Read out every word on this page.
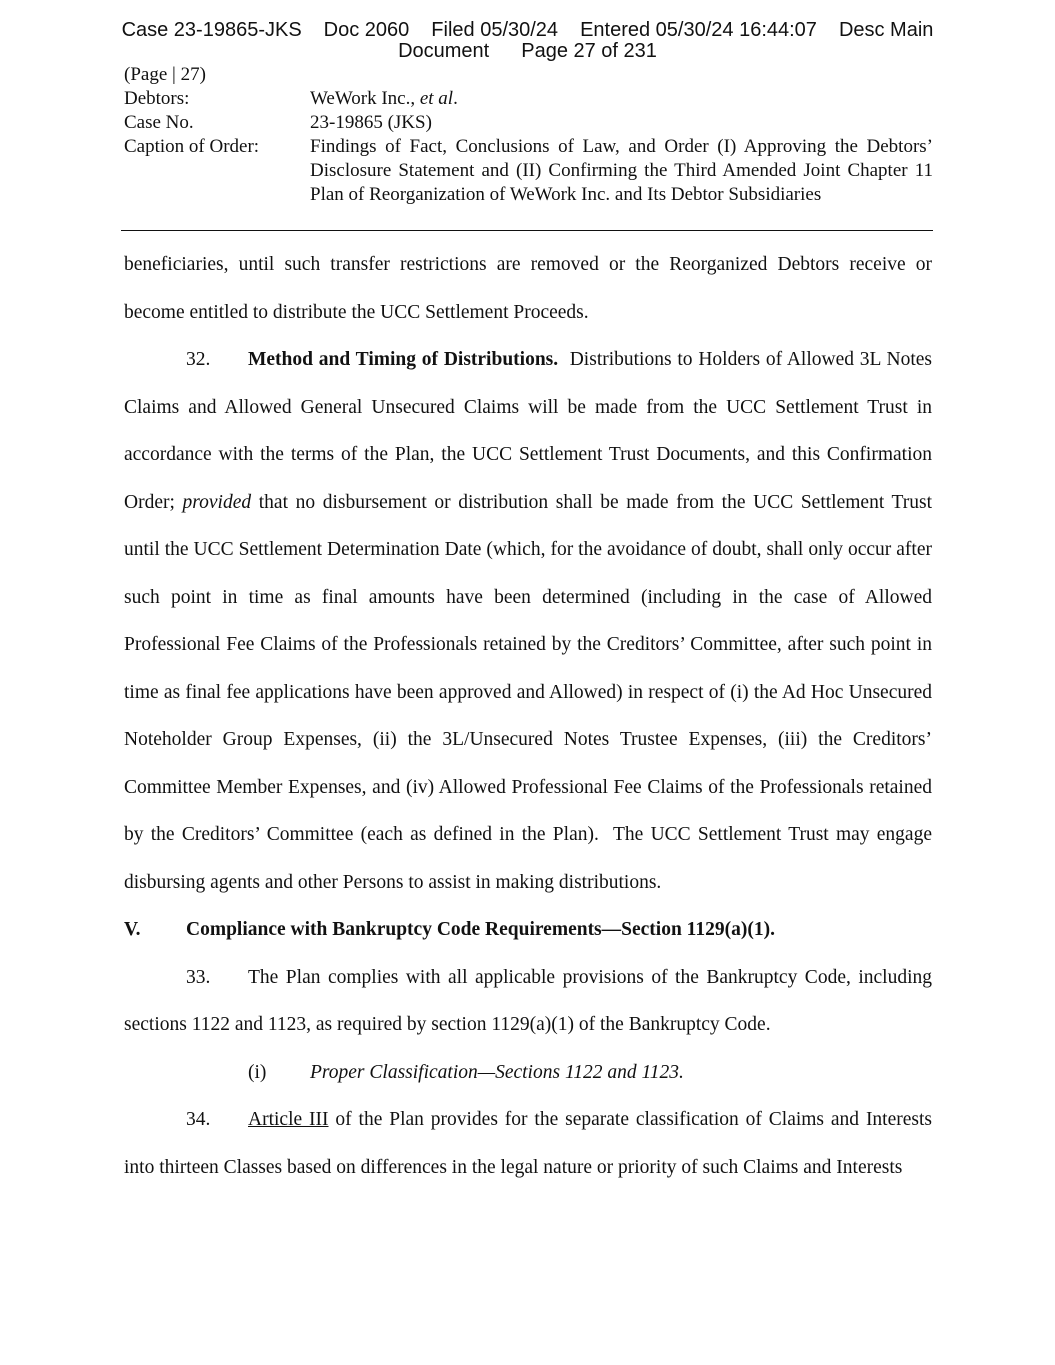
Case 23-19865-JKS Doc 2060 Filed 05/30/24 Entered 05/30/24 16:44:07 Desc Main
Document Page 27 of 231
(Page | 27)
Debtors:	WeWork Inc., et al.
Case No.	23-19865 (JKS)
Caption of Order:	Findings of Fact, Conclusions of Law, and Order (I) Approving the Debtors’ Disclosure Statement and (II) Confirming the Third Amended Joint Chapter 11 Plan of Reorganization of WeWork Inc. and Its Debtor Subsidiaries

beneficiaries, until such transfer restrictions are removed or the Reorganized Debtors receive or become entitled to distribute the UCC Settlement Proceeds.

32. Method and Timing of Distributions.  Distributions to Holders of Allowed 3L Notes Claims and Allowed General Unsecured Claims will be made from the UCC Settlement Trust in accordance with the terms of the Plan, the UCC Settlement Trust Documents, and this Confirmation Order; provided that no disbursement or distribution shall be made from the UCC Settlement Trust until the UCC Settlement Determination Date (which, for the avoidance of doubt, shall only occur after such point in time as final amounts have been determined (including in the case of Allowed Professional Fee Claims of the Professionals retained by the Creditors’ Committee, after such point in time as final fee applications have been approved and Allowed) in respect of (i) the Ad Hoc Unsecured Noteholder Group Expenses, (ii) the 3L/Unsecured Notes Trustee Expenses, (iii) the Creditors’ Committee Member Expenses, and (iv) Allowed Professional Fee Claims of the Professionals retained by the Creditors’ Committee (each as defined in the Plan).  The UCC Settlement Trust may engage disbursing agents and other Persons to assist in making distributions.

V.	Compliance with Bankruptcy Code Requirements—Section 1129(a)(1).

33. The Plan complies with all applicable provisions of the Bankruptcy Code, including sections 1122 and 1123, as required by section 1129(a)(1) of the Bankruptcy Code.

(i)	Proper Classification—Sections 1122 and 1123.

34. Article III of the Plan provides for the separate classification of Claims and Interests into thirteen Classes based on differences in the legal nature or priority of such Claims and Interests
